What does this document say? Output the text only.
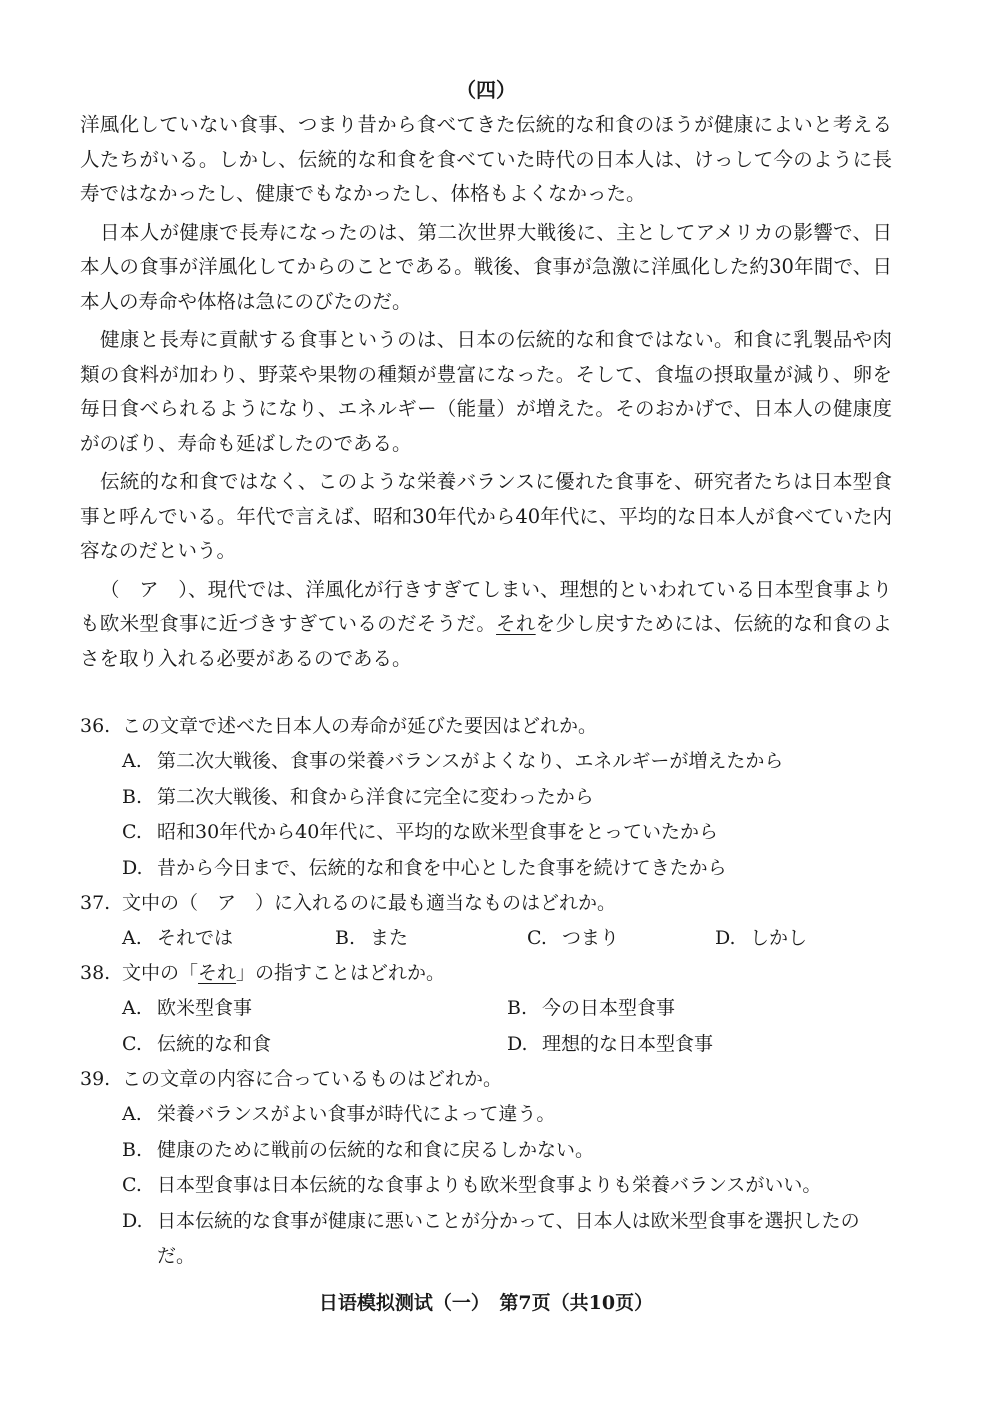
（四）

洋風化していない食事、つまり昔から食べてきた伝統的な和食のほうが健康によいと考える人たちがいる。しかし、伝統的な和食を食べていた時代の日本人は、けっして今のように長寿ではなかったし、健康でもなかったし、体格もよくなかった。

日本人が健康で長寿になったのは、第二次世界大戦後に、主としてアメリカの影響で、日本人の食事が洋風化してからのことである。戦後、食事が急激に洋風化した約30年間で、日本人の寿命や体格は急にのびたのだ。

健康と長寿に貢献する食事というのは、日本の伝統的な和食ではない。和食に乳製品や肉類の食料が加わり、野菜や果物の種類が豊富になった。そして、食塩の摂取量が減り、卵を毎日食べられるようになり、エネルギー（能量）が増えた。そのおかげで、日本人の健康度がのぼり、寿命も延ばしたのである。

伝統的な和食ではなく、このような栄養バランスに優れた食事を、研究者たちは日本型食事と呼んでいる。年代で言えば、昭和30年代から40年代に、平均的な日本人が食べていた内容なのだという。

（　ア　）、現代では、洋風化が行きすぎてしまい、理想的といわれている日本型食事よりも欧米型食事に近づきすぎているのだそうだ。それを少し戻すためには、伝統的な和食のよさを取り入れる必要があるのである。

36. この文章で述べた日本人の寿命が延びた要因はどれか。
A. 第二次大戦後、食事の栄養バランスがよくなり、エネルギーが増えたから
B. 第二次大戦後、和食から洋食に完全に変わったから
C. 昭和30年代から40年代に、平均的な欧米型食事をとっていたから
D. 昔から今日まで、伝統的な和食を中心とした食事を続けてきたから
37. 文中の（　ア　）に入れるのに最も適当なものはどれか。
A. それでは	B. また	C. つまり	D. しかし
38. 文中の「それ」の指すことはどれか。
A. 欧米型食事	B. 今の日本型食事
C. 伝統的な和食	D. 理想的な日本型食事
39. この文章の内容に合っているものはどれか。
A. 栄養バランスがよい食事が時代によって違う。
B. 健康のために戦前の伝統的な和食に戻るしかない。
C. 日本型食事は日本伝統的な食事よりも欧米型食事よりも栄養バランスがいい。
D. 日本伝統的な食事が健康に悪いことが分かって、日本人は欧米型食事を選択したのだ。
日语模拟测试（一）　第7页（共10页）
